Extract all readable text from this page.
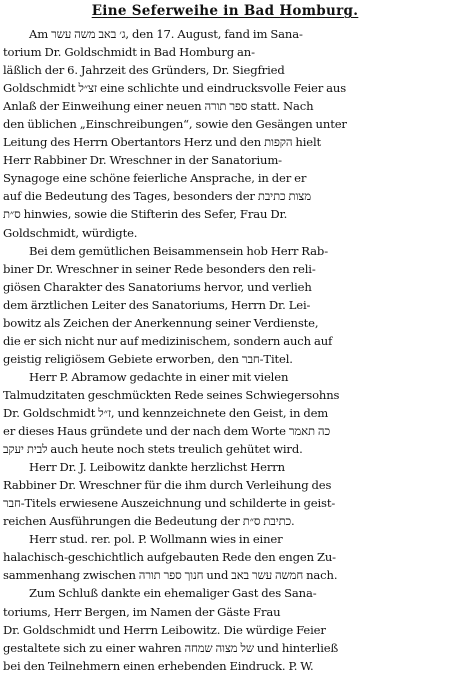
Eine Seferweihe in Bad Homburg.
Am ג׳ באב משה עשר, den 17. August, fand im Sana-
torium Dr. Goldschmidt in Bad Homburg an-
läßlich der 6. Jahrzeit des Gründers, Dr. Siegfried
Goldschmidt זצ״ל eine schlichte und eindrucksvolle Feier aus
Anlaß der Einweihung einer neuen ספר תורה statt. Nach
den üblichen „Einschreibungen“, sowie den Gesängen unter
Leitung des Herrn Obertantors Herz und den הקפות hielt
Herr Rabbiner Dr. Wreschner in der Sanatorium-
Synagoge eine schöne feierliche Ansprache, in der er
auf die Bedeutung des Tages, besonders der מצות כתיבת
ס״ת hinwies, sowie die Stifterin des Sefer, Frau Dr.
Goldschmidt, würdigte.
Bei dem gemütlichen Beisammensein hob Herr Rab-
biner Dr. Wreschner in seiner Rede besonders den reli-
giösen Charakter des Sanatoriums hervor, und verlieh
dem ärztlichen Leiter des Sanatoriums, Herrn Dr. Lei-
bowitz als Zeichen der Anerkennung seiner Verdienste,
die er sich nicht nur auf medizinischem, sondern auch auf
geistig religiösem Gebiete erworben, den חבר-Titel.
Herr P. Abramow gedachte in einer mit vielen
Talmudzitaten geschmückten Rede seines Schwiegersohns
Dr. Goldschmidt ז״ל, und kennzeichnete den Geist, in dem
er dieses Haus gründete und der nach dem Worte כה תאמר
לבית יעקב auch heute noch stets treulich gehütet wird.
Herr Dr. J. Leibowitz dankte herzlichst Herrn
Rabbiner Dr. Wreschner für die ihm durch Verleihung des
חבר-Titels erwiesene Auszeichnung und schilderte in geist-
reichen Ausführungen die Bedeutung der כתיבת ס״ת.
Herr stud. rer. pol. P. Wollmann wies in einer
halachisch-geschichtlich aufgebauten Rede den engen Zu-
sammenhang zwischen חנוך ספר תורה und חמשה עשר באב nach.
Zum Schluß dankte ein ehemaliger Gast des Sana-
toriums, Herr Bergen, im Namen der Gäste Frau
Dr. Goldschmidt und Herrn Leibowitz. Die würdige Feier
gestaltete sich zu einer wahren של מצוה שמחה und hinterließ
bei den Teilnehmern einen erhebenden Eindruck. P. W.
